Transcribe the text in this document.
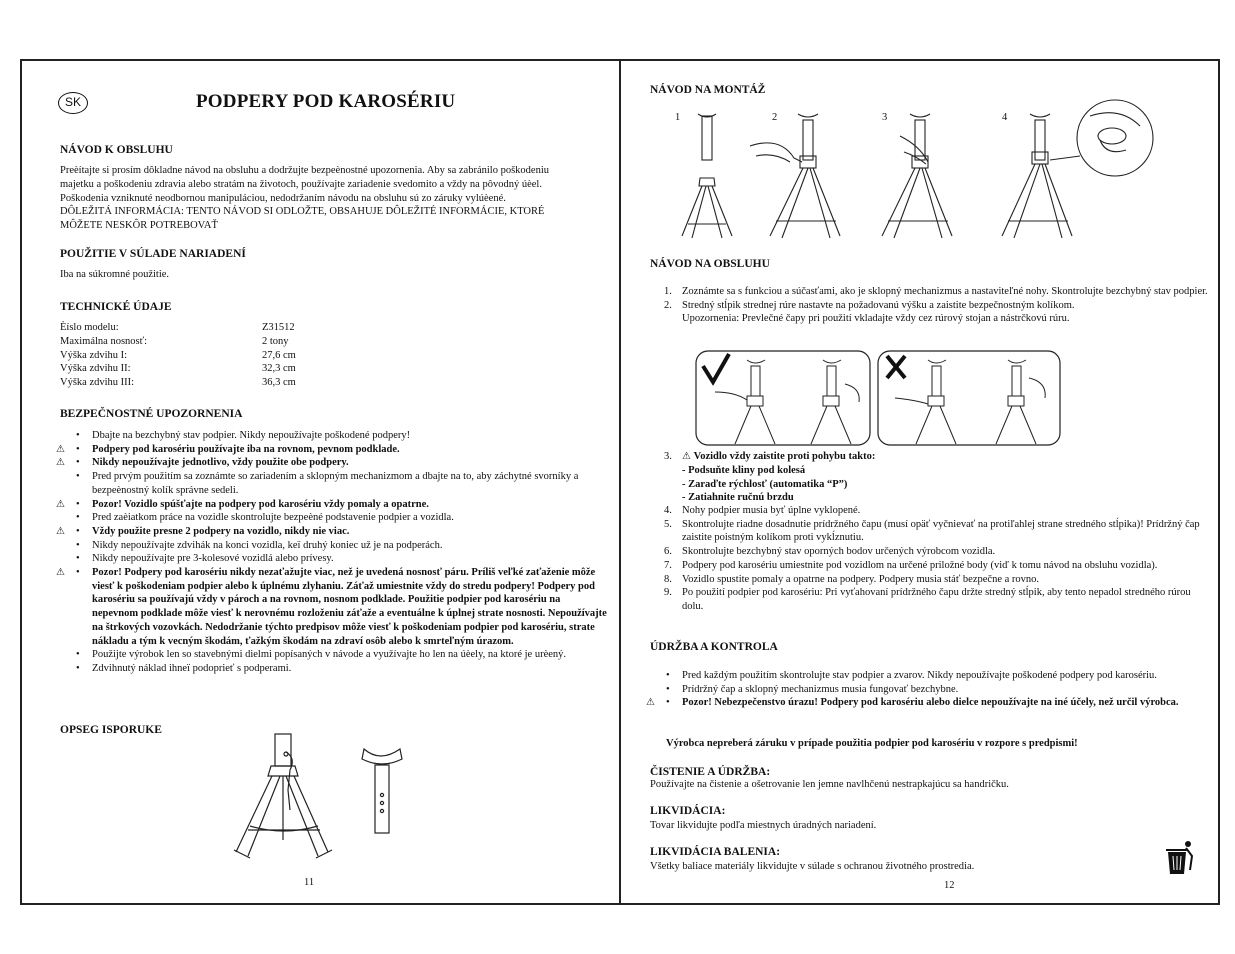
SK	PODPERY POD KAROSÉRIU
NÁVOD K OBSLUHU
Preèítajte si prosím dôkladne návod na obsluhu a dodržujte bezpeènostné upozornenia. Aby sa zabránilo poškodeniu
majetku a poškodeniu zdravia alebo stratám na životoch, používajte zariadenie svedomito a vždy na pôvodný úèel.
Poškodenia vzniknuté neodbornou manipuláciou, nedodržaním návodu na obsluhu sú zo záruky vylúèené.
DÔLEŽITÁ INFORMÁCIA: TENTO NÁVOD SI ODLOŽTE, OBSAHUJE DÔLEŽITÉ INFORMÁCIE, KTORÉ
MÔŽETE NESKÔR POTREBOVAŤ
POUŽITIE V SÚLADE NARIADENÍ
Iba na súkromné použitie.
TECHNICKÉ ÚDAJE
Èíslo modelu:	Z31512
Maximálna nosnosť:	2 tony
Výška zdvihu I:	27,6 cm
Výška zdvihu II:	32,3 cm
Výška zdvihu III:	36,3 cm
BEZPEČNOSTNÉ UPOZORNENIA
• Dbajte na bezchybný stav podpier. Nikdy nepoužívajte poškodené podpery!
⚠ • Podpery pod karosériu používajte iba na rovnom, pevnom podklade.
⚠ • Nikdy nepoužívajte jednotlivo, vždy použite obe podpery.
• Pred prvým použitím sa zoznámte so zariadením a sklopným mechanizmom a dbajte na to, aby záchytné svorníky a bezpeènostný kolík správne sedeli.
⚠ • Pozor! Vozidlo spúšťajte na podpery pod karosériu vždy pomaly a opatrne.
• Pred zaèiatkom práce na vozidle skontrolujte bezpeèné podstavenie podpier a vozidla.
⚠ • Vždy použite presne 2 podpery na vozidlo, nikdy nie viac.
• Nikdy nepoužívajte zdvihák na konci vozidla, keï druhý koniec už je na podperách.
• Nikdy nepoužívajte pre 3-kolesové vozidlá alebo prívesy.
⚠ • Pozor! Podpery pod karosériu nikdy nezaťažujte viac, než je uvedená nosnosť páru. Príliš veľké zaťaženie môže viesť k poškodeniam podpier alebo k úplnému zlyhaniu. Záťaž umiestnite vždy do stredu podpery! Podpery pod karosériu sa používajú vždy v pároch a na rovnom, nosnom podklade. Použitie podpier pod karosériu na nepevnom podklade môže viesť k nerovnému rozloženiu záťaže a eventuálne k úplnej strate nosnosti. Nepoužívajte na štrkových vozovkách. Nedodržanie týchto predpisov môže viesť k poškodeniam podpier pod karosériu, strate nákladu a tým k vecným škodám, ťažkým škodám na zdraví osôb alebo k smrteľným úrazom.
• Použijte výrobok len so stavebnými dielmi popísaných v návode a využívajte ho len na úèely, na ktoré je urèený.
• Zdvihnutý náklad ihneï podoprieť s podperami.
OPSEG ISPORUKE
11
NÁVOD NA MONTÁŽ
1	2	3	4
NÁVOD NA OBSLUHU
1. Zoznámte sa s funkciou a súčasťami, ako je sklopný mechanizmus a nastaviteľné nohy. Skontrolujte bezchybný stav podpier.
2. Stredný stĺpik strednej rúre nastavte na požadovanú výšku a zaistite bezpečnostným kolíkom.
Upozornenia: Prevlečné čapy pri použití vkladajte vždy cez rúrový stojan a nástrčkovú rúru.
3. ⚠ Vozidlo vždy zaistite proti pohybu takto:
- Podsuňte kliny pod kolesá
- Zaraďte rýchlosť (automatika “P”)
- Zatiahnite ručnú brzdu
4. Nohy podpier musia byť úplne vyklopené.
5. Skontrolujte riadne dosadnutie prídržného čapu (musí opäť vyčnievať na protiľahlej strane stredného stĺpika)! Prídržný čap zaistite poistným kolíkom proti vykĺznutiu.
6. Skontrolujte bezchybný stav oporných bodov určených výrobcom vozidla.
7. Podpery pod karosériu umiestnite pod vozidlom na určené priložné body (viď k tomu návod na obsluhu vozidla).
8. Vozidlo spustite pomaly a opatrne na podpery. Podpery musia stáť bezpečne a rovno.
9. Po použití podpier pod karosériu: Pri vyťahovaní prídržného čapu držte stredný stĺpik, aby tento nepadol stredného rúrou dolu.
ÚDRŽBA A KONTROLA
• Pred každým použitím skontrolujte stav podpier a zvarov. Nikdy nepoužívajte poškodené podpery pod karosériu.
• Prídržný čap a sklopný mechanizmus musia fungovať bezchybne.
⚠ • Pozor! Nebezpečenstvo úrazu! Podpery pod karosériu alebo dielce nepoužívajte na iné účely, než určil výrobca.
Výrobca nepreberá záruku v prípade použitia podpier pod karosériu v rozpore s predpismi!
ČISTENIE A ÚDRŽBA:
Používajte na čistenie a ošetrovanie len jemne navlhčenú nestrapkajúcu sa handričku.
LIKVIDÁCIA:
Tovar likvidujte podľa miestnych úradných nariadení.
LIKVIDÁCIA BALENIA:
Všetky baliace materiály likvidujte v súlade s ochranou životného prostredia.
12
